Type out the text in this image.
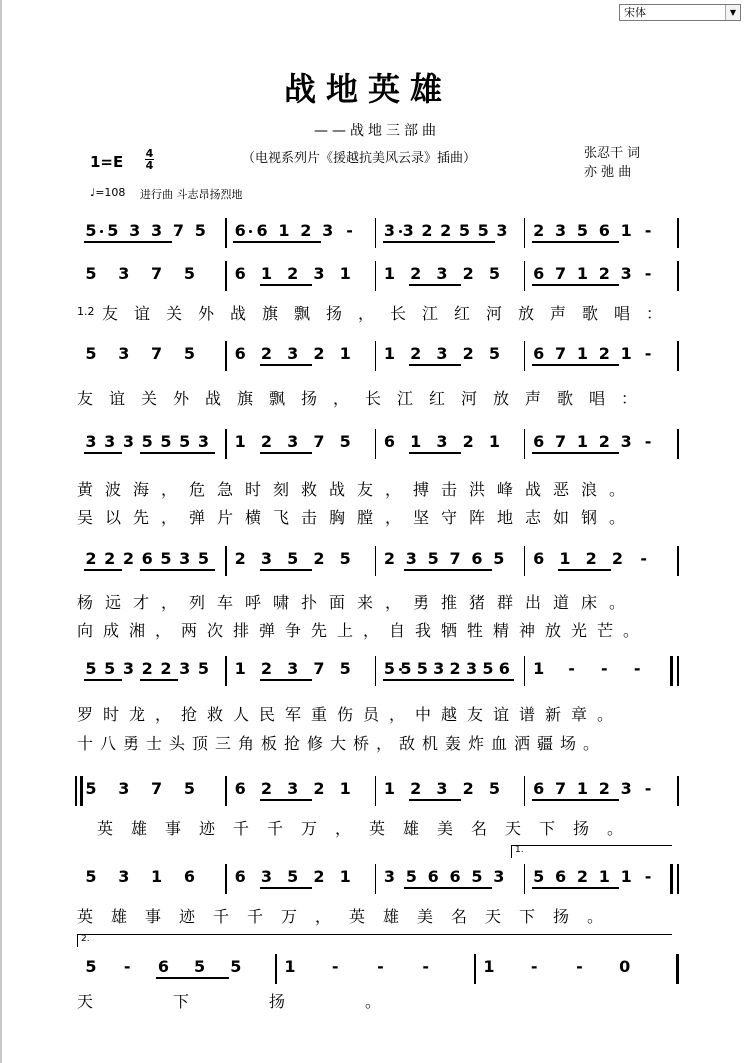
宋体	▼
战地英雄
——战地三部曲
（电视系列片《援越抗美风云录》插曲）	张忍干 词
亦 弛 曲
1=E 4
4
♩=108 进行曲 斗志昂扬烈地
1.2 友谊关外战旗飘扬，长江红河放声歌唱：
友谊关外战旗飘扬，长江红河放声歌唱：
黄波海，危急时刻救战友，搏击洪峰战恶浪。
吴以先，弹片横飞击胸膛，坚守阵地志如钢。
杨远才，列车呼啸扑面来，勇推猪群出道床。
向成湘，两次排弹争先上，自我牺牲精神放光芒。
罗时龙，抢救人民军重伤员，中越友谊谱新章。
十八勇士头顶三角板抢修大桥，敌机轰炸血洒疆场。
英雄事迹千千万，英雄美名天下扬。
英雄事迹千千万，英雄美名天下扬。
天下扬。
1.
2.
5 5 3 3 7 5 6 6 1 2 3 - 3 3 2 2 5 5 3 2 3 5 6 1 -
5 3 7 5 6 1 2 3 1 1 2 3 2 5 6 7 1 2 3 -
5 3 7 5 6 2 3 2 1 1 2 3 2 5 6 7 1 2 1 -
3 3 3 5 5 5 3 1 2 3 7 5 6 1 3 2 1 6 7 1 2 3 -
2 2 2 6 5 3 5 2 3 5 2 5 2 3 5 7 6 5 6 1 2 2 -
5 5 3 2 2 3 5 1 2 3 7 5 5 5 5 3 2 3 5 6 1 - - -
5 3 7 5 6 2 3 2 1 1 2 3 2 5 6 7 1 2 3 -
5 3 1 6 6 3 5 2 1 3 5 6 6 5 3 5 6 2 1 1 -
5 - 6 5 5	1 - - -	1 - - 0
